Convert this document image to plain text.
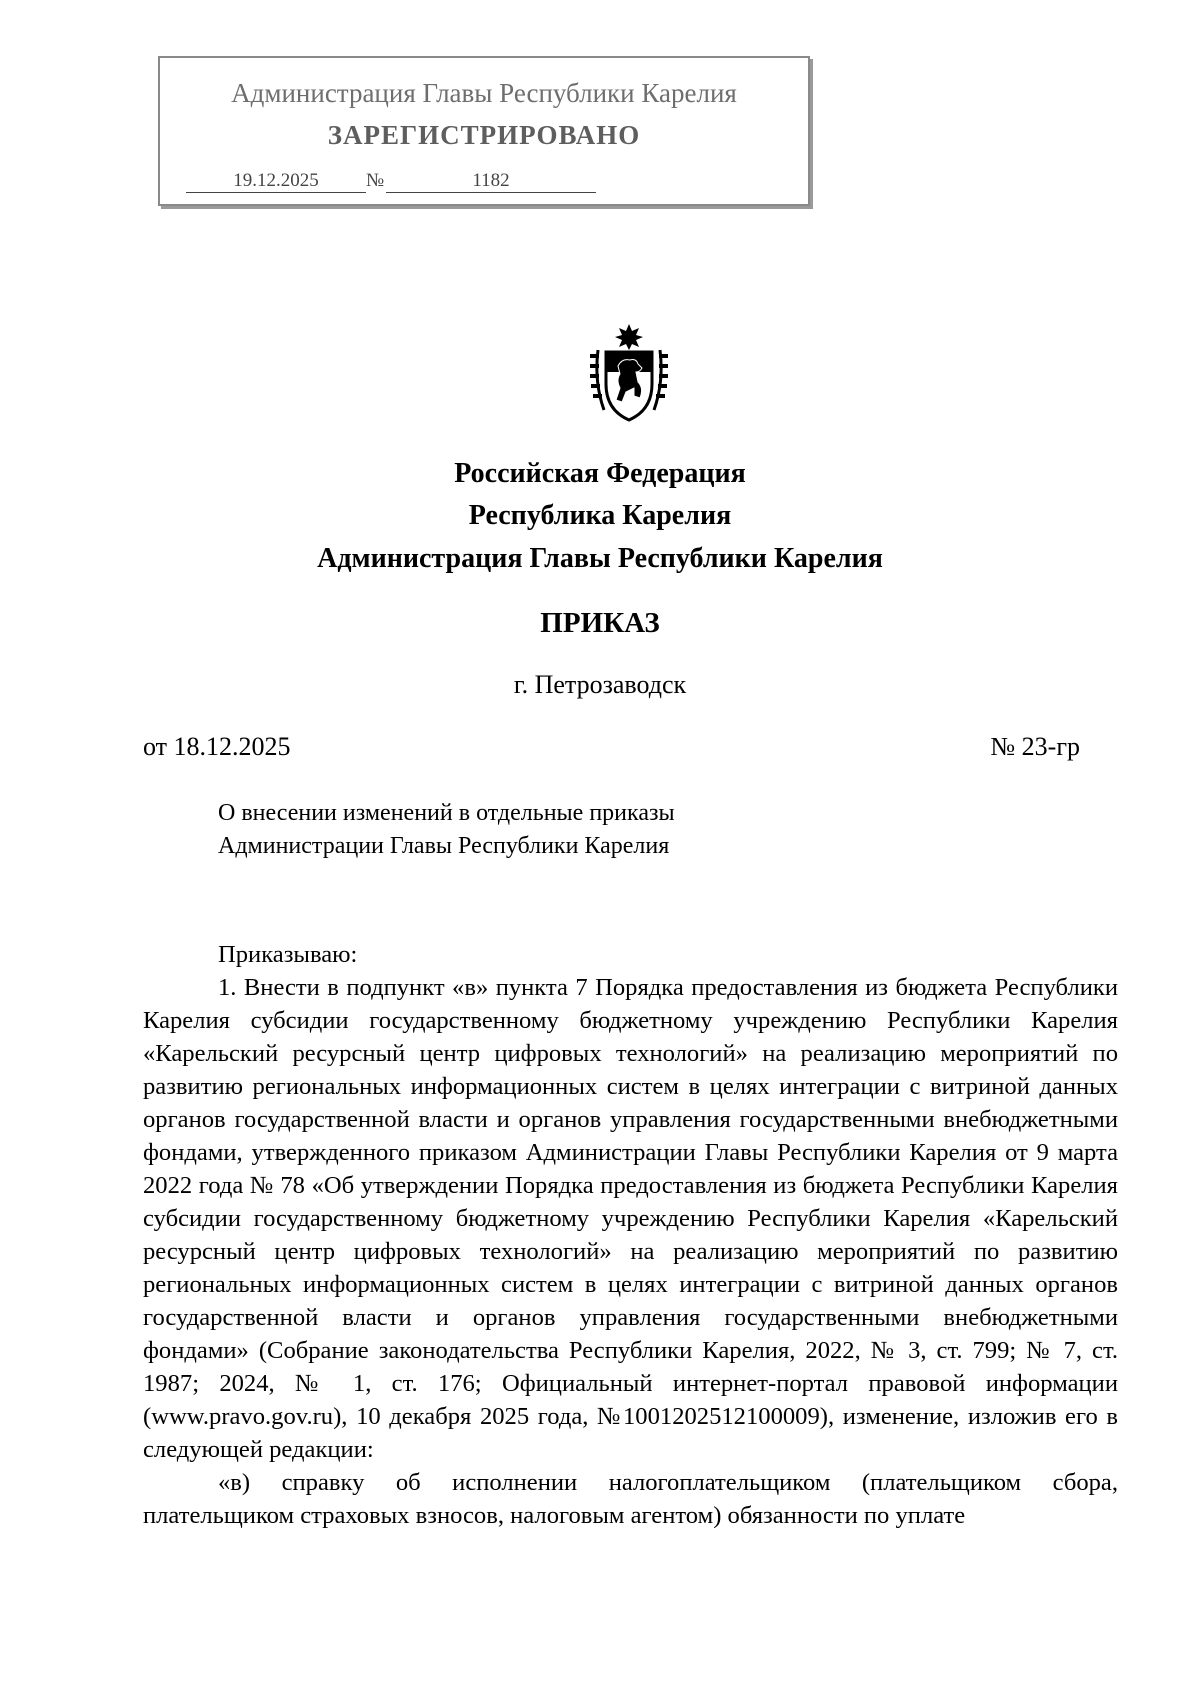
Администрация Главы Республики Карелия
ЗАРЕГИСТРИРОВАНО
19.12.2025	№	1182
Российская Федерация
Республика Карелия
Администрация Главы Республики Карелия
ПРИКАЗ
г. Петрозаводск
от 18.12.2025	№ 23-гр
О внесении изменений в отдельные приказы
Администрации Главы Республики Карелия

Приказываю:

1. Внести в подпункт «в» пункта 7 Порядка предоставления из бюджета Республики Карелия субсидии государственному бюджетному учреждению Республики Карелия «Карельский ресурсный центр цифровых технологий» на реализацию мероприятий по развитию региональных информационных систем в целях интеграции с витриной данных органов государственной власти и органов управления государственными внебюджетными фондами, утвержденного приказом Администрации Главы Республики Карелия от 9 марта 2022 года № 78 «Об утверждении Порядка предоставления из бюджета Республики Карелия субсидии государственному бюджетному учреждению Республики Карелия «Карельский ресурсный центр цифровых технологий» на реализацию мероприятий по развитию региональных информационных систем в целях интеграции с витриной данных органов государственной власти и органов управления государственными внебюджетными фондами» (Собрание законодательства Республики Карелия, 2022, № 3, ст. 799; № 7, ст. 1987; 2024, № 1, ст. 176; Официальный интернет-портал правовой информации (www.pravo.gov.ru), 10 декабря 2025 года, №1001202512100009), изменение, изложив его в следующей редакции:

«в) справку об исполнении налогоплательщиком (плательщиком сбора, плательщиком страховых взносов, налоговым агентом) обязанности по уплате
